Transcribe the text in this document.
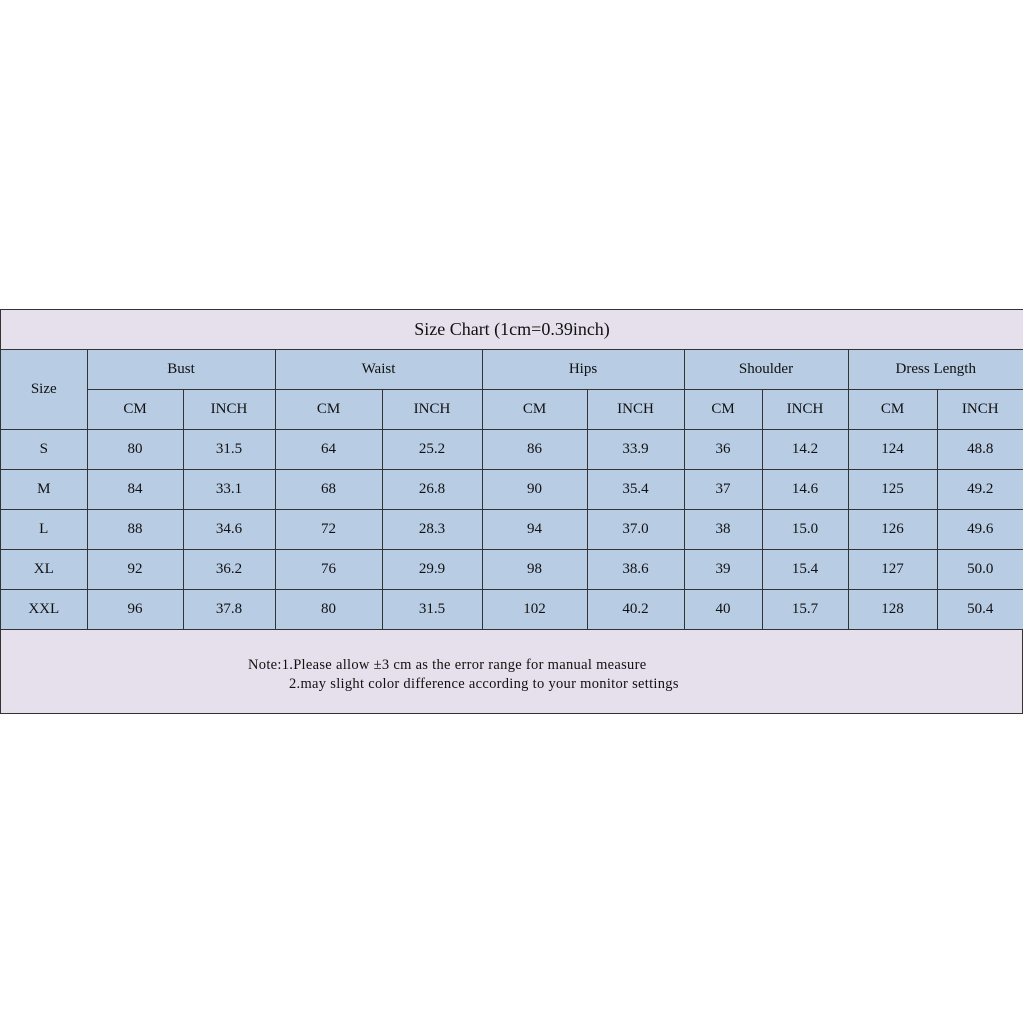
Size Chart (1cm=0.39inch)										
Size	Bust		Waist		Hips		Shoulder		Dress Length	
	CM	INCH	CM	INCH	CM	INCH	CM	INCH	CM	INCH
S	80	31.5	64	25.2	86	33.9	36	14.2	124	48.8
M	84	33.1	68	26.8	90	35.4	37	14.6	125	49.2
L	88	34.6	72	28.3	94	37.0	38	15.0	126	49.6
XL	92	36.2	76	29.9	98	38.6	39	15.4	127	50.0
XXL	96	37.8	80	31.5	102	40.2	40	15.7	128	50.4
Note:1.Please allow ±3 cm as the error range for manual measure
2.may slight color difference according to your monitor settings
